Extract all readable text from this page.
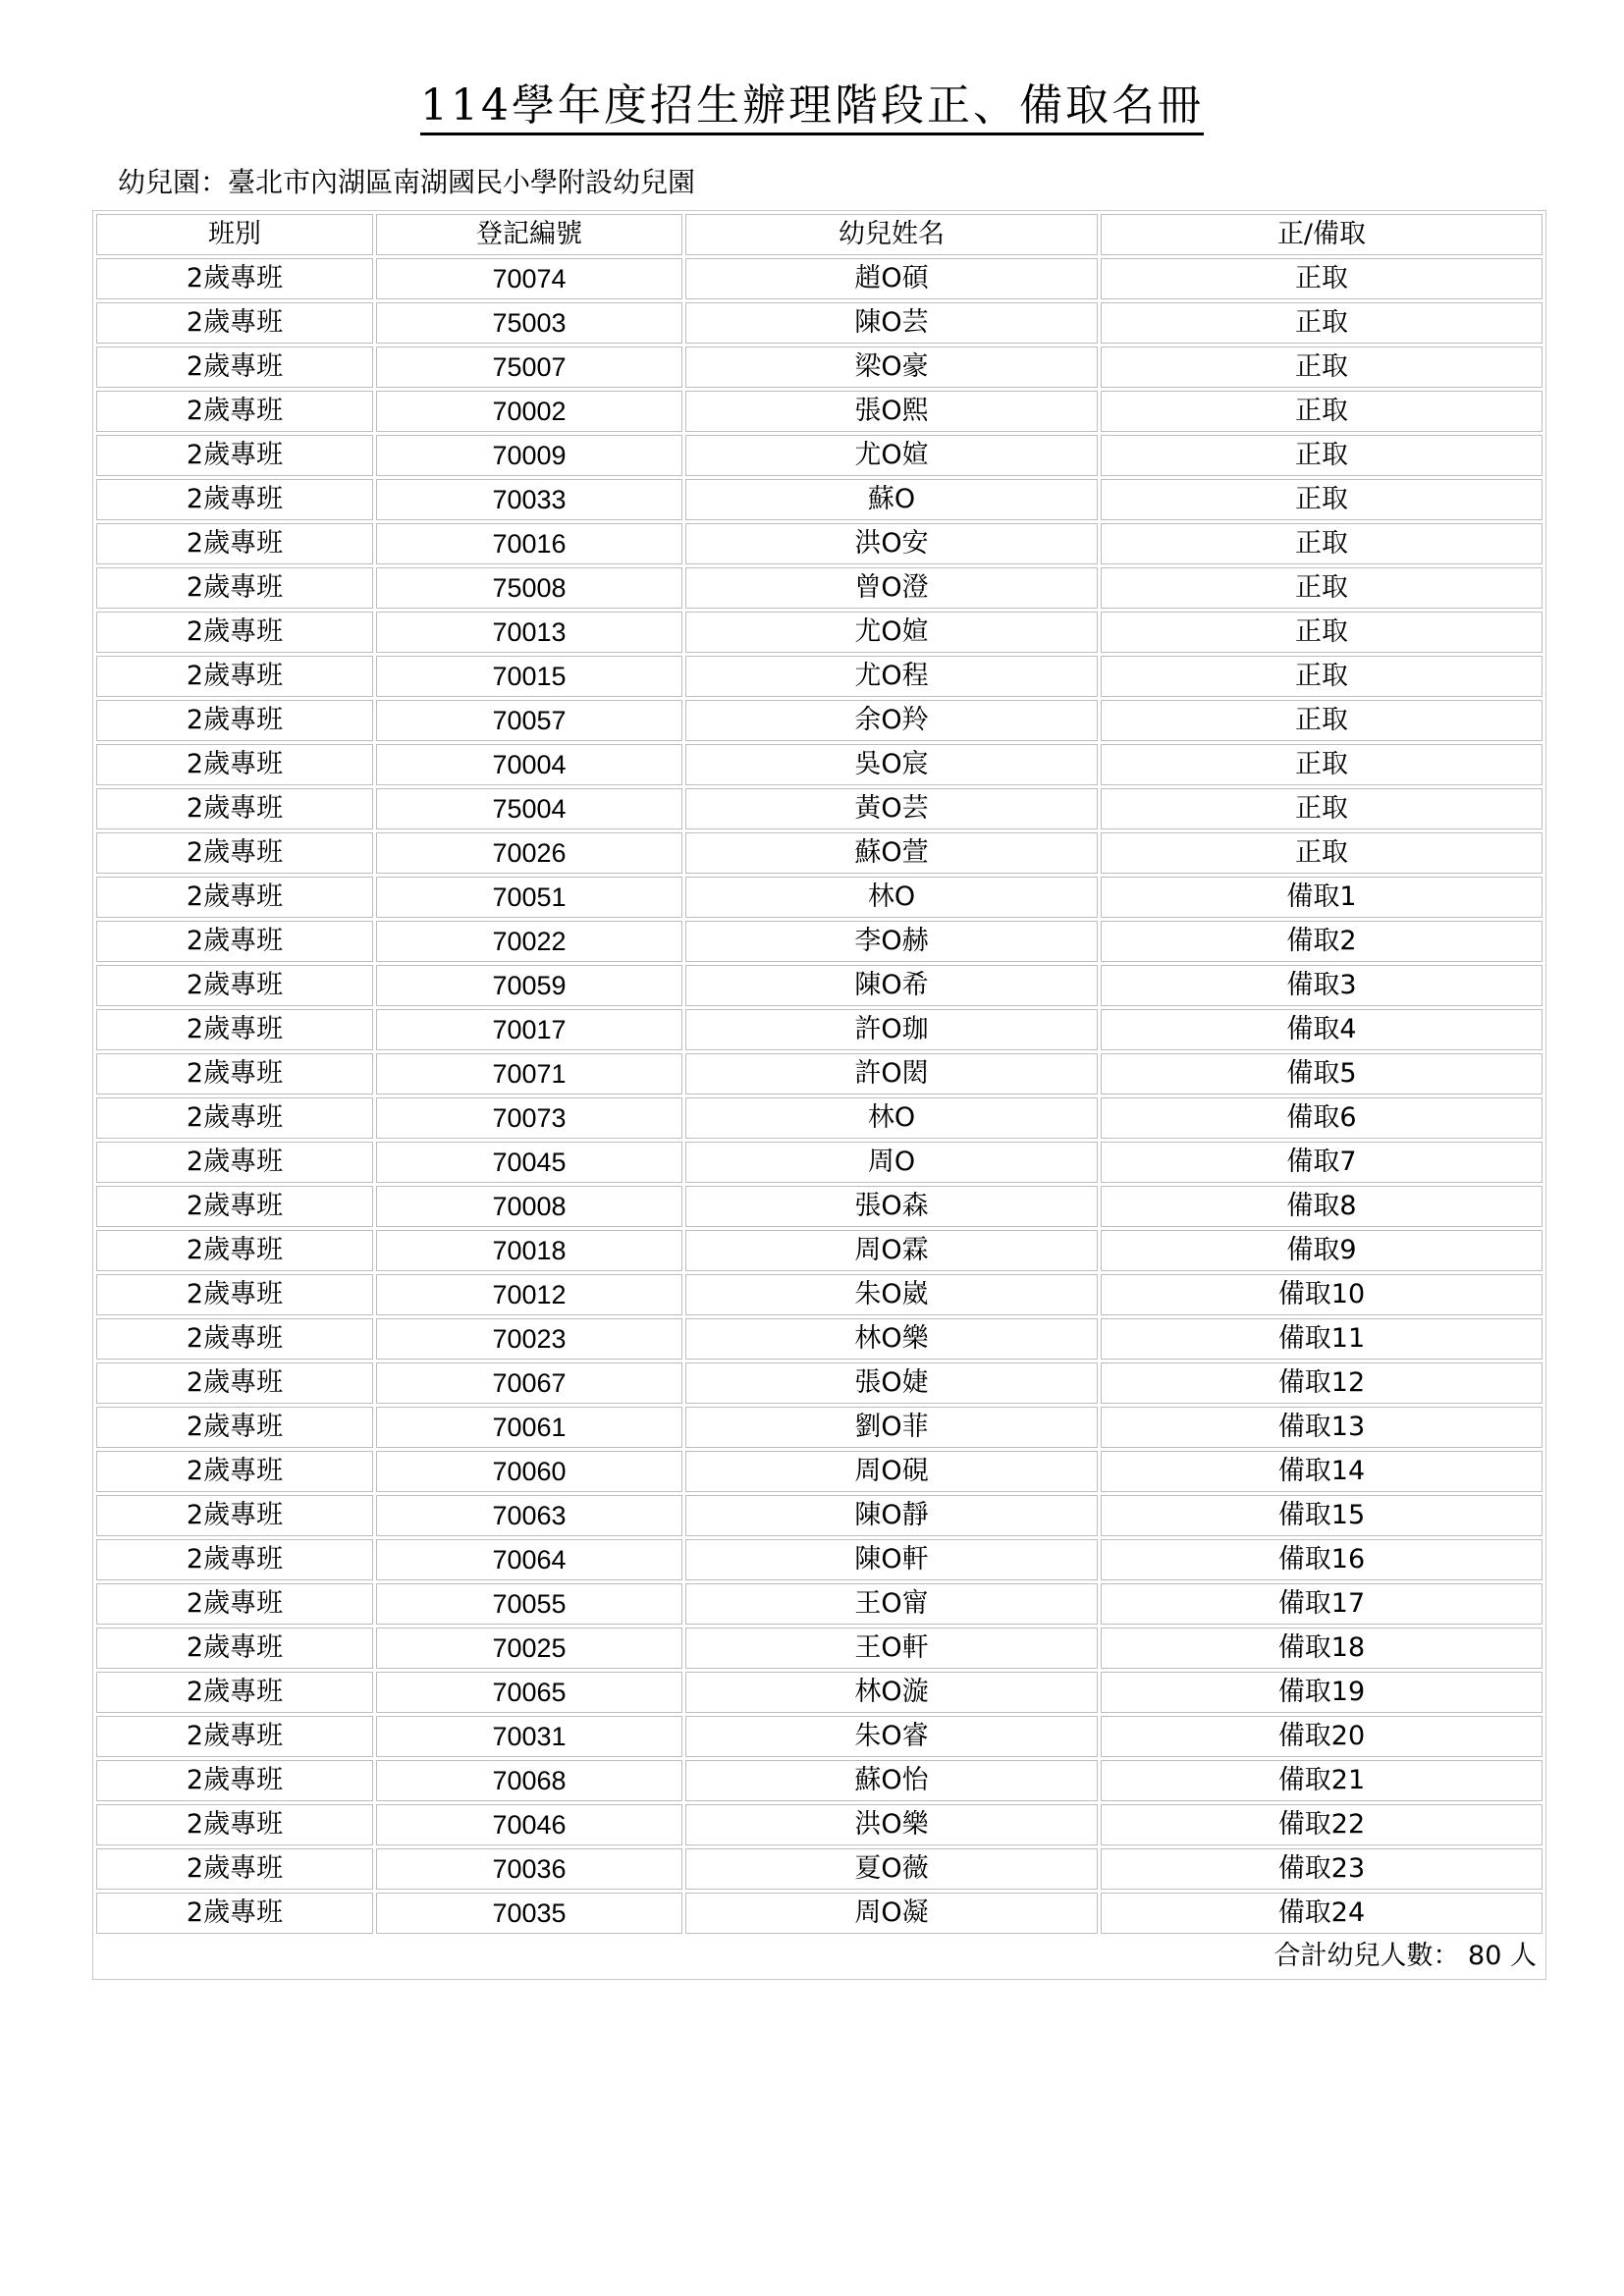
114學年度招生辦理階段正、備取名冊
幼兒園：臺北市內湖區南湖國民小學附設幼兒園
班別	登記編號	幼兒姓名	正/備取
2歲專班	70074	趙O碩	正取
2歲專班	75003	陳O芸	正取
2歲專班	75007	梁O豪	正取
2歲專班	70002	張O熙	正取
2歲專班	70009	尤O媗	正取
2歲專班	70033	蘇O	正取
2歲專班	70016	洪O安	正取
2歲專班	75008	曾O澄	正取
2歲專班	70013	尤O媗	正取
2歲專班	70015	尤O程	正取
2歲專班	70057	余O羚	正取
2歲專班	70004	吳O宸	正取
2歲專班	75004	黃O芸	正取
2歲專班	70026	蘇O萱	正取
2歲專班	70051	林O	備取1
2歲專班	70022	李O赫	備取2
2歲專班	70059	陳O希	備取3
2歲專班	70017	許O珈	備取4
2歲專班	70071	許O閎	備取5
2歲專班	70073	林O	備取6
2歲專班	70045	周O	備取7
2歲專班	70008	張O森	備取8
2歲專班	70018	周O霖	備取9
2歲專班	70012	朱O崴	備取10
2歲專班	70023	林O樂	備取11
2歲專班	70067	張O婕	備取12
2歲專班	70061	劉O菲	備取13
2歲專班	70060	周O硯	備取14
2歲專班	70063	陳O靜	備取15
2歲專班	70064	陳O軒	備取16
2歲專班	70055	王O甯	備取17
2歲專班	70025	王O軒	備取18
2歲專班	70065	林O漩	備取19
2歲專班	70031	朱O睿	備取20
2歲專班	70068	蘇O怡	備取21
2歲專班	70046	洪O樂	備取22
2歲專班	70036	夏O薇	備取23
2歲專班	70035	周O凝	備取24
合計幼兒人數： 80 人			
